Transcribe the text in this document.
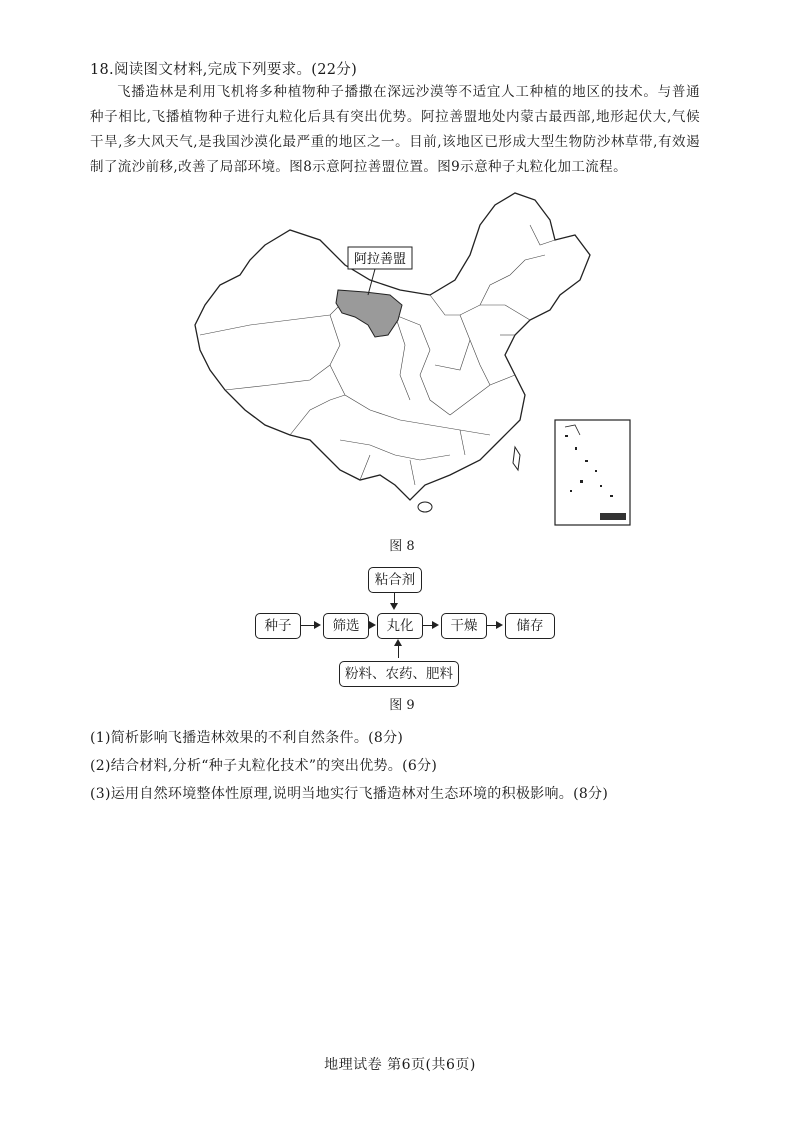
18.阅读图文材料,完成下列要求。(22分)
飞播造林是利用飞机将多种植物种子播撒在深远沙漠等不适宜人工种植的地区的技术。与普通种子相比,飞播植物种子进行丸粒化后具有突出优势。阿拉善盟地处内蒙古最西部,地形起伏大,气候干旱,多大风天气,是我国沙漠化最严重的地区之一。目前,该地区已形成大型生物防沙林草带,有效遏制了流沙前移,改善了局部环境。图8示意阿拉善盟位置。图9示意种子丸粒化加工流程。
阿拉善盟
图 8
粘合剂
种子	筛选	丸化	干燥	储存
粉料、农药、肥料
图 9
(1)简析影响飞播造林效果的不利自然条件。(8分)
(2)结合材料,分析“种子丸粒化技术”的突出优势。(6分)
(3)运用自然环境整体性原理,说明当地实行飞播造林对生态环境的积极影响。(8分)
地理试卷 第6页(共6页)
